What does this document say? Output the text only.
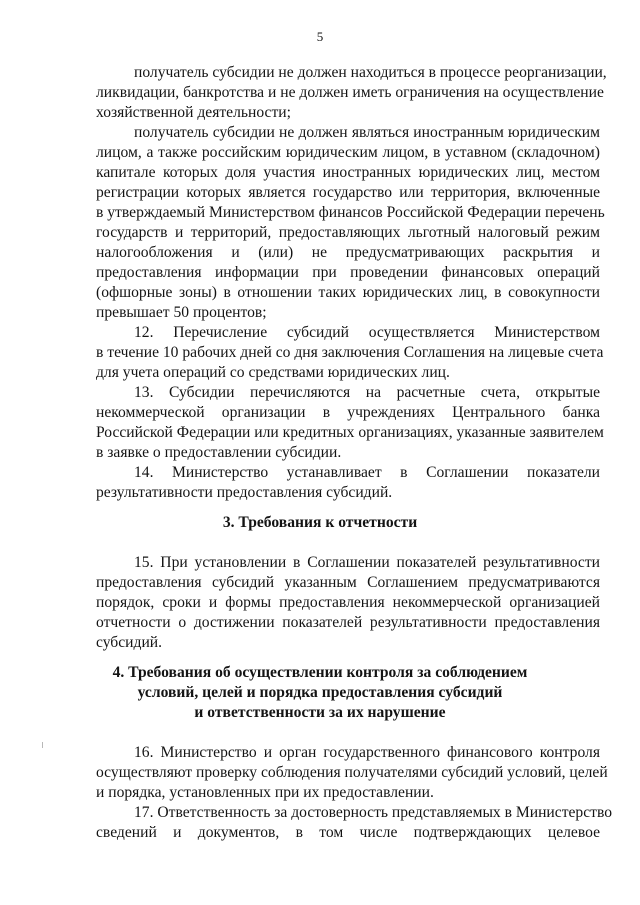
5
получатель субсидии не должен находиться в процессе реорганизации,
ликвидации, банкротства и не должен иметь ограничения на осуществление
хозяйственной деятельности;
получатель субсидии не должен являться иностранным юридическим
лицом, а также российским юридическим лицом, в уставном (складочном)
капитале которых доля участия иностранных юридических лиц, местом
регистрации которых является государство или территория, включенные
в утверждаемый Министерством финансов Российской Федерации перечень
государств и территорий, предоставляющих льготный налоговый режим
налогообложения и (или) не предусматривающих раскрытия и
предоставления информации при проведении финансовых операций
(офшорные зоны) в отношении таких юридических лиц, в совокупности
превышает 50 процентов;
12. Перечисление субсидий осуществляется Министерством
в течение 10 рабочих дней со дня заключения Соглашения на лицевые счета
для учета операций со средствами юридических лиц.
13. Субсидии перечисляются на расчетные счета, открытые
некоммерческой организации в учреждениях Центрального банка
Российской Федерации или кредитных организациях, указанные заявителем
в заявке о предоставлении субсидии.
14. Министерство устанавливает в Соглашении показатели
результативности предоставления субсидий.
3. Требования к отчетности
15. При установлении в Соглашении показателей результативности
предоставления субсидий указанным Соглашением предусматриваются
порядок, сроки и формы предоставления некоммерческой организацией
отчетности о достижении показателей результативности предоставления
субсидий.
4. Требования об осуществлении контроля за соблюдением
условий, целей и порядка предоставления субсидий
и ответственности за их нарушение
16. Министерство и орган государственного финансового контроля
осуществляют проверку соблюдения получателями субсидий условий, целей
и порядка, установленных при их предоставлении.
17. Ответственность за достоверность представляемых в Министерство
сведений и документов, в том числе подтверждающих целевое
